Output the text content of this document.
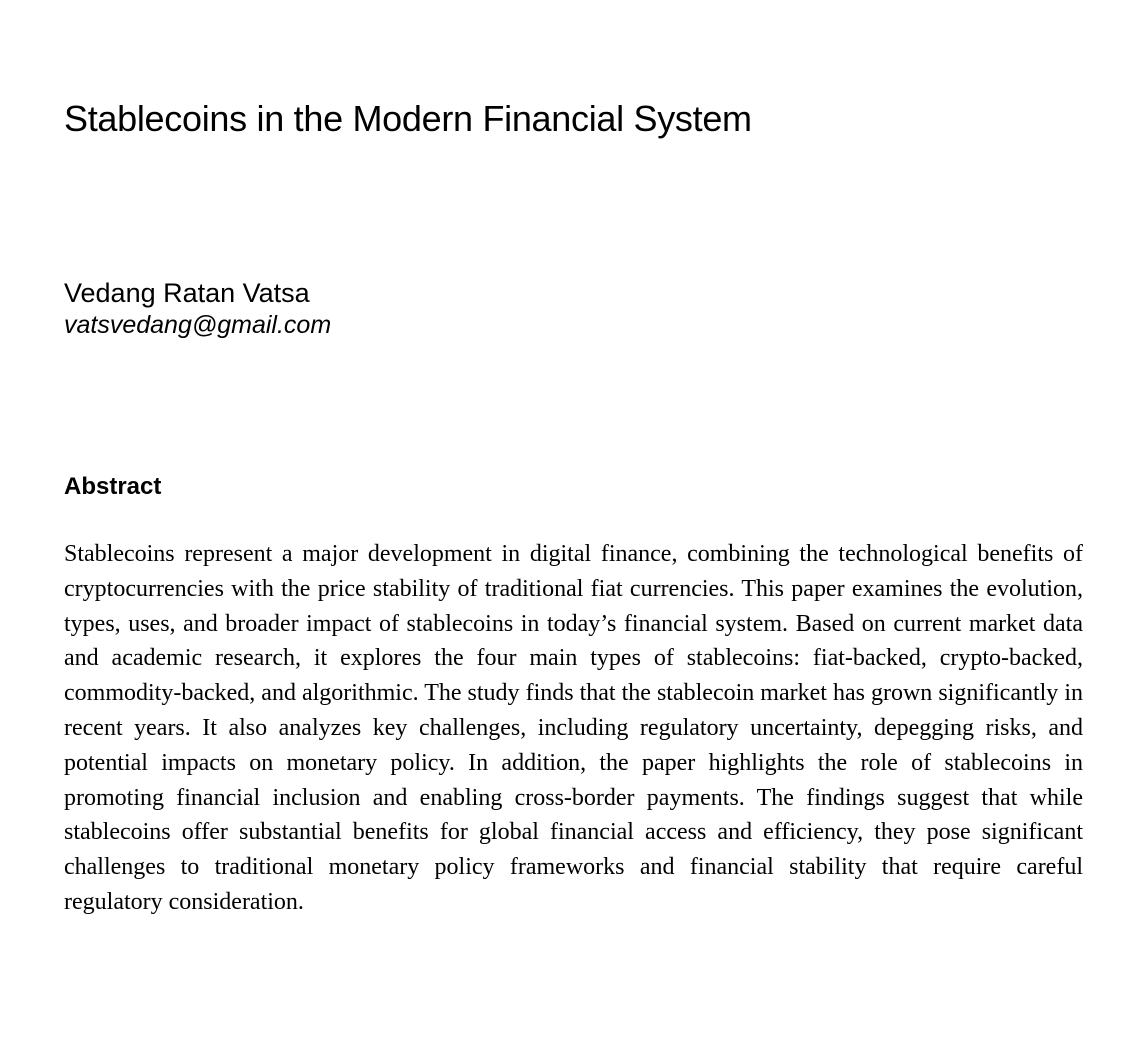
Stablecoins in the Modern Financial System
Vedang Ratan Vatsa
vatsvedang@gmail.com
Abstract

Stablecoins represent a major development in digital finance, combining the technological benefits of cryptocurrencies with the price stability of traditional fiat currencies. This paper examines the evolution, types, uses, and broader impact of stablecoins in today’s financial system. Based on current market data and academic research, it explores the four main types of stablecoins: fiat-backed, crypto-backed, commodity-backed, and algorithmic. The study finds that the stablecoin market has grown significantly in recent years. It also analyzes key challenges, including regulatory uncertainty, depegging risks, and potential impacts on monetary policy. In addition, the paper highlights the role of stablecoins in promoting financial inclusion and enabling cross-border payments. The findings suggest that while stablecoins offer substantial benefits for global financial access and efficiency, they pose significant challenges to traditional monetary policy frameworks and financial stability that require careful regulatory consideration.
